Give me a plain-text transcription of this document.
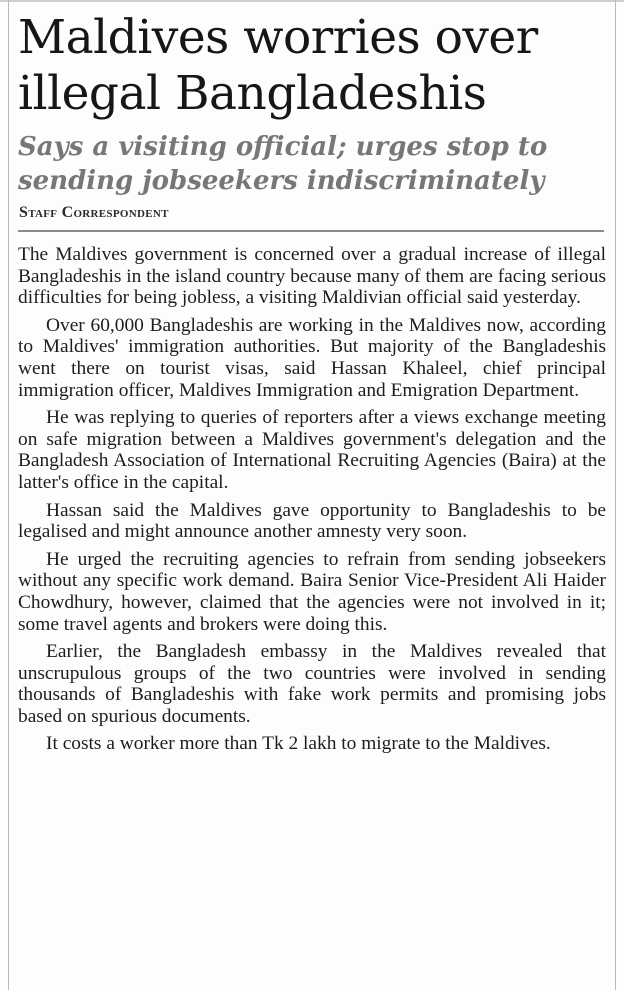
Maldives worries over illegal Bangladeshis
Says a visiting official; urges stop to sending jobseekers indiscriminately
Staff Correspondent

The Maldives government is concerned over a gradual increase of illegal Bangladeshis in the island country because many of them are facing serious difficulties for being jobless, a visiting Maldivian official said yesterday.

Over 60,000 Bangladeshis are working in the Maldives now, according to Maldives' immigration authorities. But majority of the Bangladeshis went there on tourist visas, said Hassan Khaleel, chief principal immigration officer, Maldives Immigration and Emigration Department.

He was replying to queries of reporters after a views exchange meeting on safe migration between a Maldives government's delegation and the Bangladesh Association of International Recruiting Agencies (Baira) at the latter's office in the capital.

Hassan said the Maldives gave opportunity to Bangladeshis to be legalised and might announce another amnesty very soon.

He urged the recruiting agencies to refrain from sending jobseekers without any specific work demand. Baira Senior Vice-President Ali Haider Chowdhury, however, claimed that the agencies were not involved in it; some travel agents and brokers were doing this.

Earlier, the Bangladesh embassy in the Maldives revealed that unscrupulous groups of the two countries were involved in sending thousands of Bangladeshis with fake work permits and promising jobs based on spurious documents.

It costs a worker more than Tk 2 lakh to migrate to the Maldives.
